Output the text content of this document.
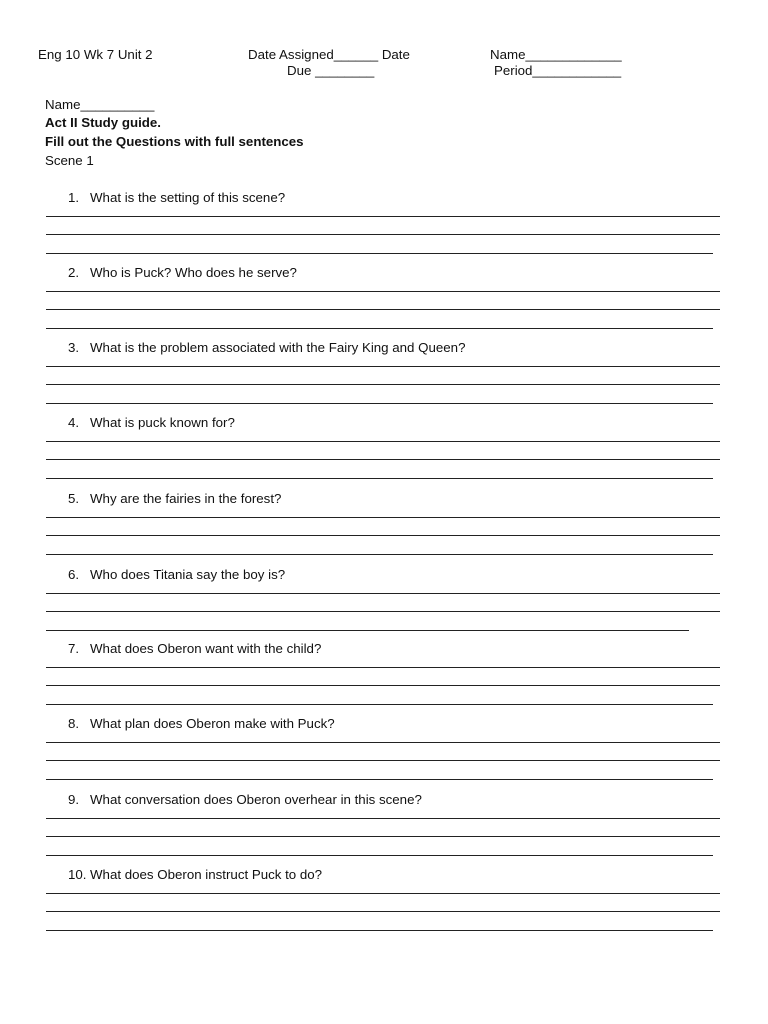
Eng 10 Wk 7 Unit 2	Date Assigned______ Date
Due ________
Name_____________
Period____________
Name__________
Act II Study guide.
Fill out the Questions with full sentences
Scene 1
1. What is the setting of this scene?
2. Who is Puck? Who does he serve?
3. What is the problem associated with the Fairy King and Queen?
4. What is puck known for?
5. Why are the fairies in the forest?
6. Who does Titania say the boy is?
7. What does Oberon want with the child?
8. What plan does Oberon make with Puck?
9. What conversation does Oberon overhear in this scene?
10. What does Oberon instruct Puck to do?
